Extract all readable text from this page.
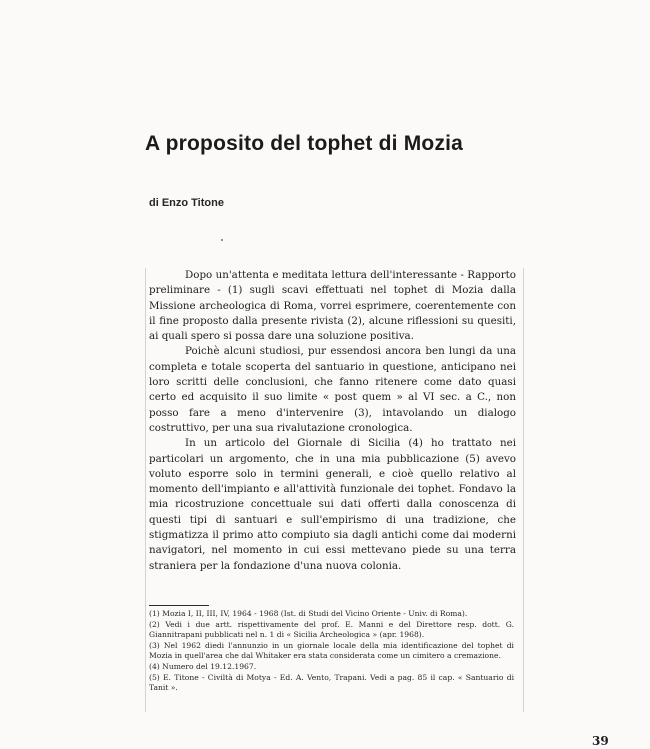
A proposito del tophet di Mozia
di Enzo Titone

Dopo un'attenta e meditata lettura dell'interessante - Rapporto preliminare - (1) sugli scavi effettuati nel tophet di Mozia dalla Missione archeologica di Roma, vorrei esprimere, coerentemente con il fine proposto dalla presente rivista (2), alcune riflessioni su quesiti, ai quali spero si possa dare una soluzione positiva.

Poichè alcuni studiosi, pur essendosi ancora ben lungi da una completa e totale scoperta del santuario in questione, anticipano nei loro scritti delle conclusioni, che fanno ritenere come dato quasi certo ed acquisito il suo limite « post quem » al VI sec. a C., non posso fare a meno d'intervenire (3), intavolando un dialogo costruttivo, per una sua rivalutazione cronologica.

In un articolo del Giornale di Sicilia (4) ho trattato nei particolari un argomento, che in una mia pubblicazione (5) avevo voluto esporre solo in termini generali, e cioè quello relativo al momento dell'impianto e all'attività funzionale dei tophet. Fondavo la mia ricostruzione concettuale sui dati offerti dalla conoscenza di questi tipi di santuari e sull'empirismo di una tradizione, che stigmatizza il primo atto compiuto sia dagli antichi come dai moderni navigatori, nel momento in cui essi mettevano piede su una terra straniera per la fondazione d'una nuova colonia.

(1) Mozia I, II, III, IV, 1964 - 1968 (Ist. di Studi del Vicino Oriente - Univ. di Roma).

(2) Vedi i due artt. rispettivamente del prof. E. Manni e del Direttore resp. dott. G. Giannitrapani pubblicati nel n. 1 di « Sicilia Archeologica » (apr. 1968).

(3) Nel 1962 diedi l'annunzio in un giornale locale della mia identificazione del tophet di Mozia in quell'area che dal Whitaker era stata considerata come un cimitero a cremazione.

(4) Numero del 19.12.1967.

(5) E. Titone - Civiltà di Motya - Ed. A. Vento, Trapani. Vedi a pag. 85 il cap. « Santuario di Tanit ».

39
